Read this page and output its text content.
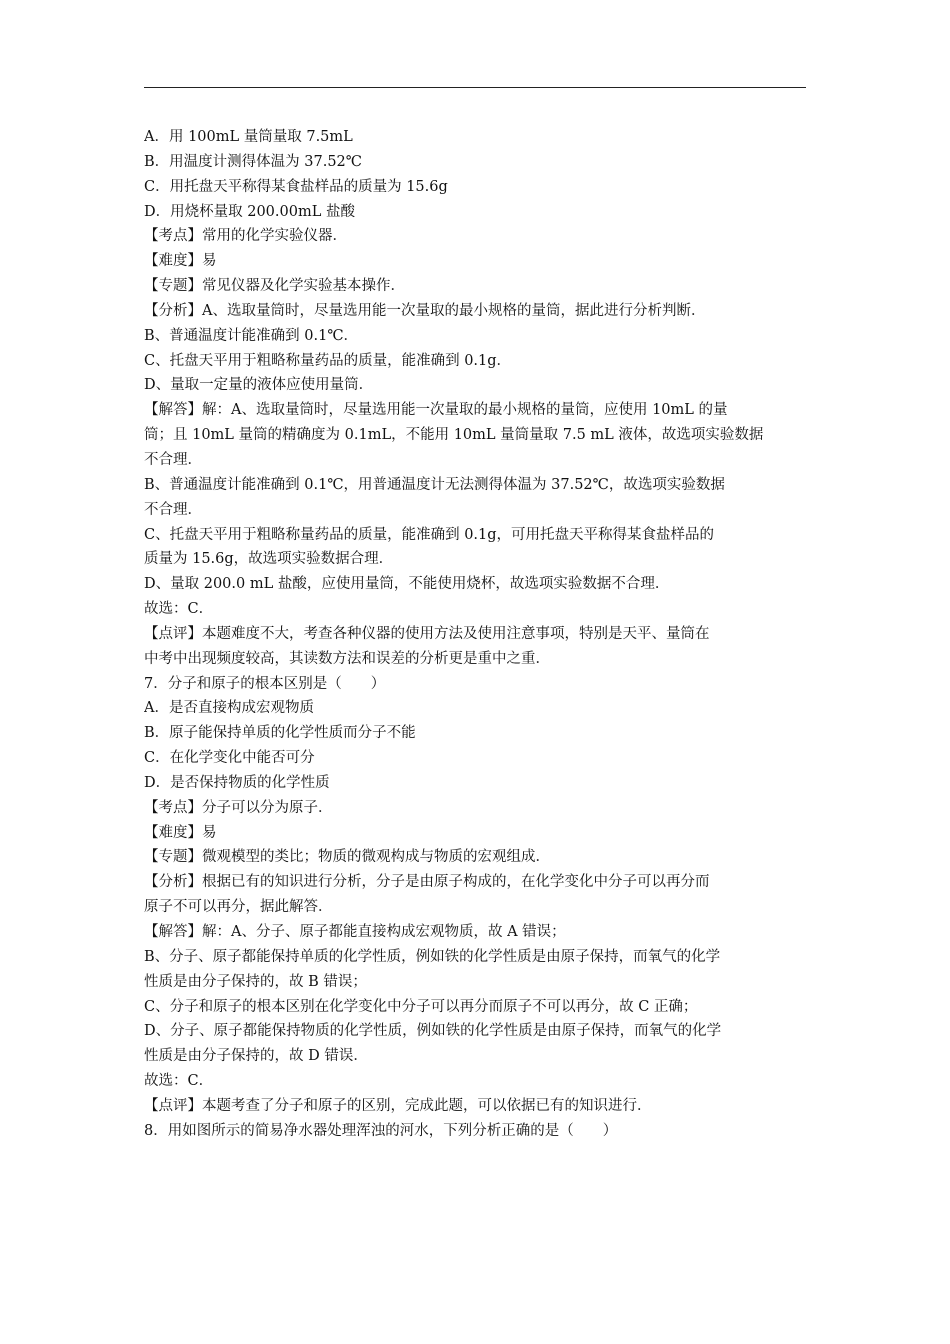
A．用 100mL 量筒量取 7.5mL
B．用温度计测得体温为 37.52℃
C．用托盘天平称得某食盐样品的质量为 15.6g
D．用烧杯量取 200.00mL 盐酸
【考点】常用的化学实验仪器．
【难度】易
【专题】常见仪器及化学实验基本操作．
【分析】A、选取量筒时，尽量选用能一次量取的最小规格的量筒，据此进行分析判断．
B、普通温度计能准确到 0.1℃．
C、托盘天平用于粗略称量药品的质量，能准确到 0.1g．
D、量取一定量的液体应使用量筒．
【解答】解：A、选取量筒时，尽量选用能一次量取的最小规格的量筒，应使用 10mL 的量
筒；且 10mL 量筒的精确度为 0.1mL，不能用 10mL 量筒量取 7.5 mL 液体，故选项实验数据
不合理．
B、普通温度计能准确到 0.1℃，用普通温度计无法测得体温为 37.52℃，故选项实验数据
不合理．
C、托盘天平用于粗略称量药品的质量，能准确到 0.1g，可用托盘天平称得某食盐样品的
质量为 15.6g，故选项实验数据合理．
D、量取 200.0 mL 盐酸，应使用量筒，不能使用烧杯，故选项实验数据不合理．
故选：C．
【点评】本题难度不大，考查各种仪器的使用方法及使用注意事项，特别是天平、量筒在
中考中出现频度较高，其读数方法和误差的分析更是重中之重．
7．分子和原子的根本区别是（　　）
A．是否直接构成宏观物质
B．原子能保持单质的化学性质而分子不能
C．在化学变化中能否可分
D．是否保持物质的化学性质
【考点】分子可以分为原子．
【难度】易
【专题】微观模型的类比；物质的微观构成与物质的宏观组成．
【分析】根据已有的知识进行分析，分子是由原子构成的，在化学变化中分子可以再分而
原子不可以再分，据此解答．
【解答】解：A、分子、原子都能直接构成宏观物质，故 A 错误；
B、分子、原子都能保持单质的化学性质，例如铁的化学性质是由原子保持，而氧气的化学
性质是由分子保持的，故 B 错误；
C、分子和原子的根本区别在化学变化中分子可以再分而原子不可以再分，故 C 正确；
D、分子、原子都能保持物质的化学性质，例如铁的化学性质是由原子保持，而氧气的化学
性质是由分子保持的，故 D 错误．
故选：C．
【点评】本题考查了分子和原子的区别，完成此题，可以依据已有的知识进行．
8．用如图所示的简易净水器处理浑浊的河水，下列分析正确的是（　　）
